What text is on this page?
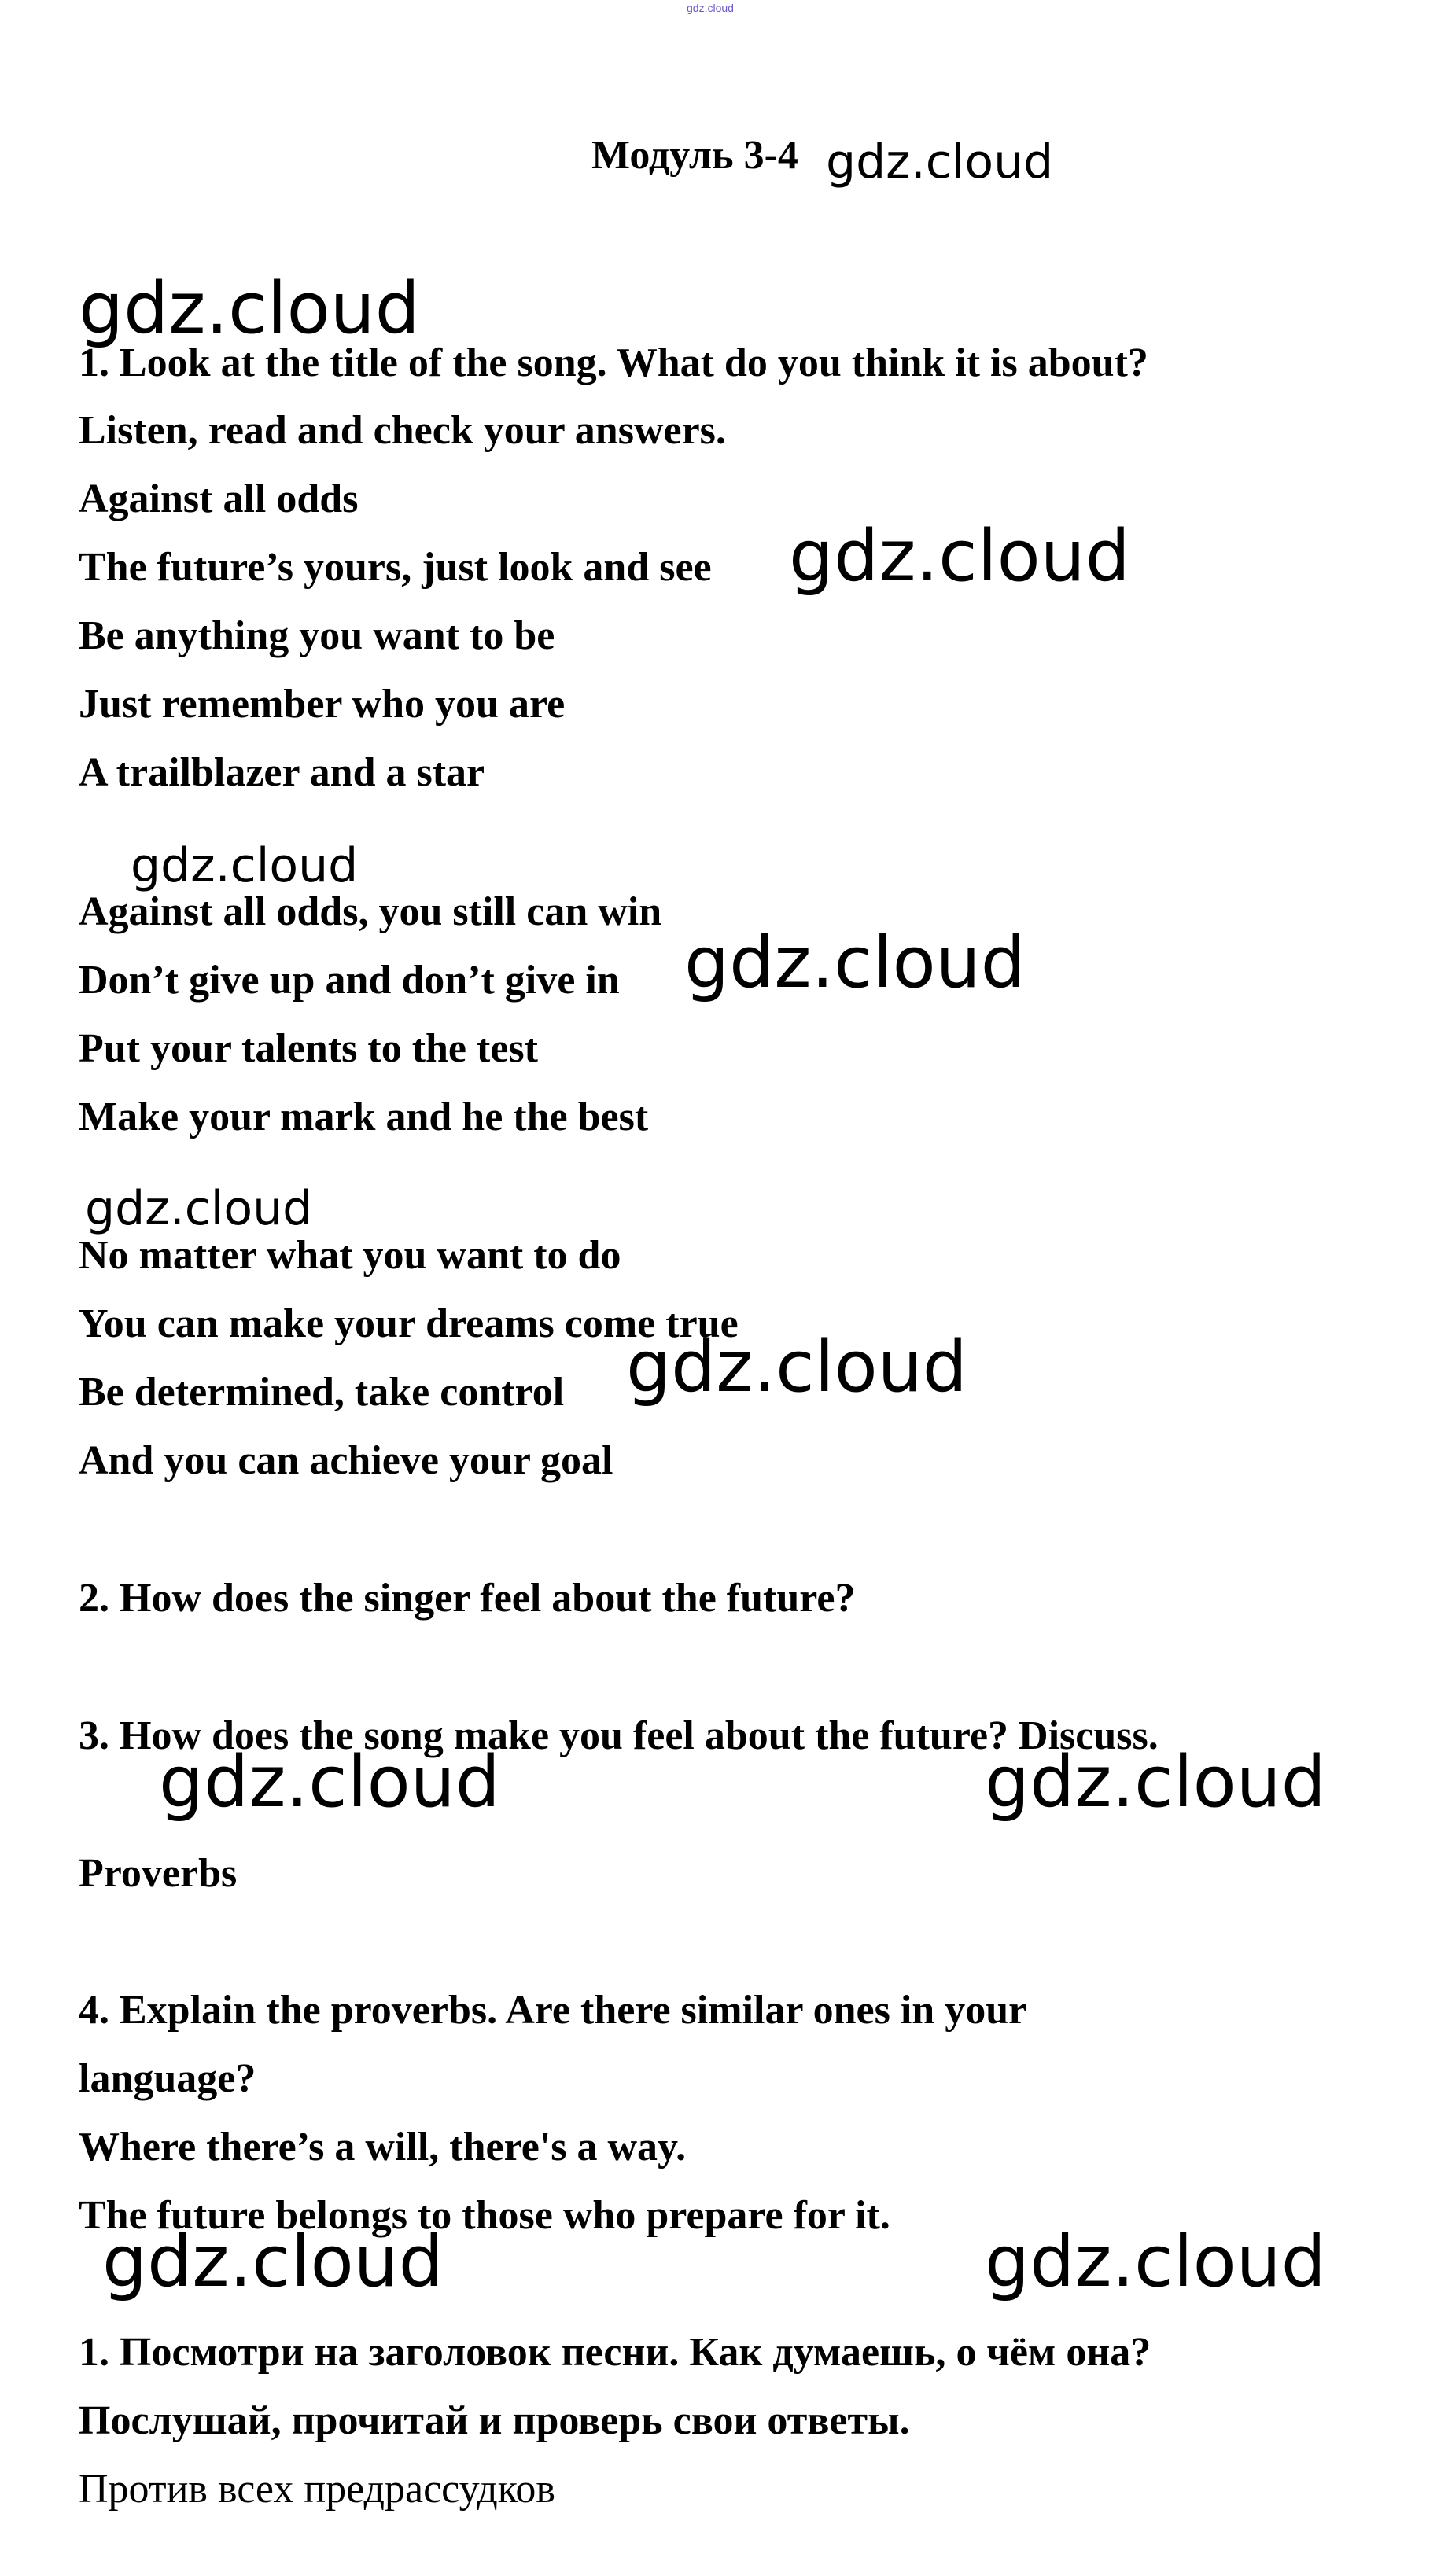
gdz.cloud
Модуль 3-4 gdz.cloud
gdz.cloud
1. Look at the title of the song. What do you think it is about?
Listen, read and check your answers.
Against all odds
The future’s yours, just look and see gdz.cloud
Be anything you want to be
Just remember who you are
A trailblazer and a star
gdz.cloud
Against all odds, you still can win
Don’t give up and don’t give in gdz.cloud
Put your talents to the test
Make your mark and he the best
gdz.cloud
No matter what you want to do
You can make your dreams come true
Be determined, take control gdz.cloud
And you can achieve your goal
2. How does the singer feel about the future?
3. How does the song make you feel about the future? Discuss.
gdz.cloud	gdz.cloud
Proverbs
4. Explain the proverbs. Are there similar ones in your
language?
Where there’s a will, there's a way.
The future belongs to those who prepare for it.
gdz.cloud	gdz.cloud
1. Посмотри на заголовок песни. Как думаешь, о чём она?
Послушай, прочитай и проверь свои ответы.
Против всех предрассудков
